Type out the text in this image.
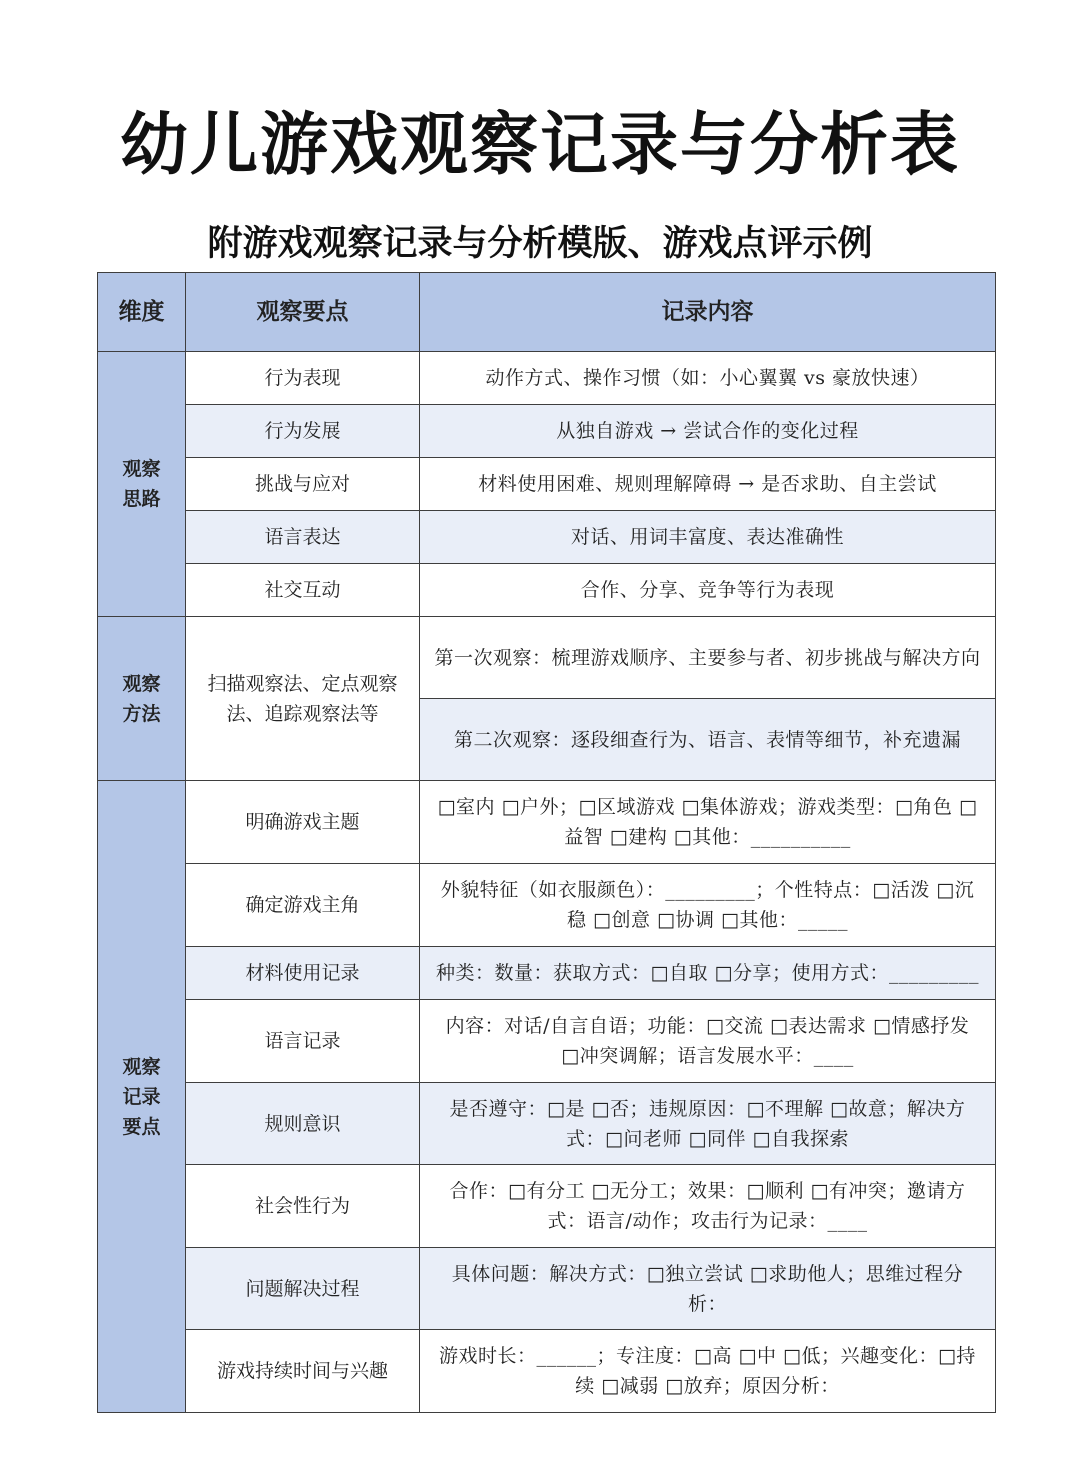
幼儿游戏观察记录与分析表
附游戏观察记录与分析模版、游戏点评示例
维度	观察要点	记录内容

观察
思路	行为表现	动作方式、操作习惯（如：小心翼翼 vs 豪放快速）
	行为发展	从独自游戏 → 尝试合作的变化过程
	挑战与应对	材料使用困难、规则理解障碍 → 是否求助、自主尝试
	语言表达	对话、用词丰富度、表达准确性
	社交互动	合作、分享、竞争等行为表现

观察
方法	扫描观察法、定点观察法、追踪观察法等	第一次观察：梳理游戏顺序、主要参与者、初步挑战与解决方向
		第二次观察：逐段细查行为、语言、表情等细节，补充遗漏

观察
记录
要点	明确游戏主题	□室内 □户外；□区域游戏 □集体游戏；游戏类型：□角色 □益智 □建构 □其他：__________
	确定游戏主角	外貌特征（如衣服颜色）：_________；个性特点：□活泼 □沉稳 □创意 □协调 □其他：_____
	材料使用记录	种类：数量：获取方式：□自取 □分享；使用方式：_________
	语言记录	内容：对话/自言自语；功能：□交流 □表达需求 □情感抒发 □冲突调解；语言发展水平：____
	规则意识	是否遵守：□是 □否；违规原因：□不理解 □故意；解决方式：□问老师 □同伴 □自我探索
	社会性行为	合作：□有分工 □无分工；效果：□顺利 □有冲突；邀请方式：语言/动作；攻击行为记录：____
	问题解决过程	具体问题：解决方式：□独立尝试 □求助他人；思维过程分析：
	游戏持续时间与兴趣	游戏时长：______；专注度：□高 □中 □低；兴趣变化：□持续 □减弱 □放弃；原因分析：
